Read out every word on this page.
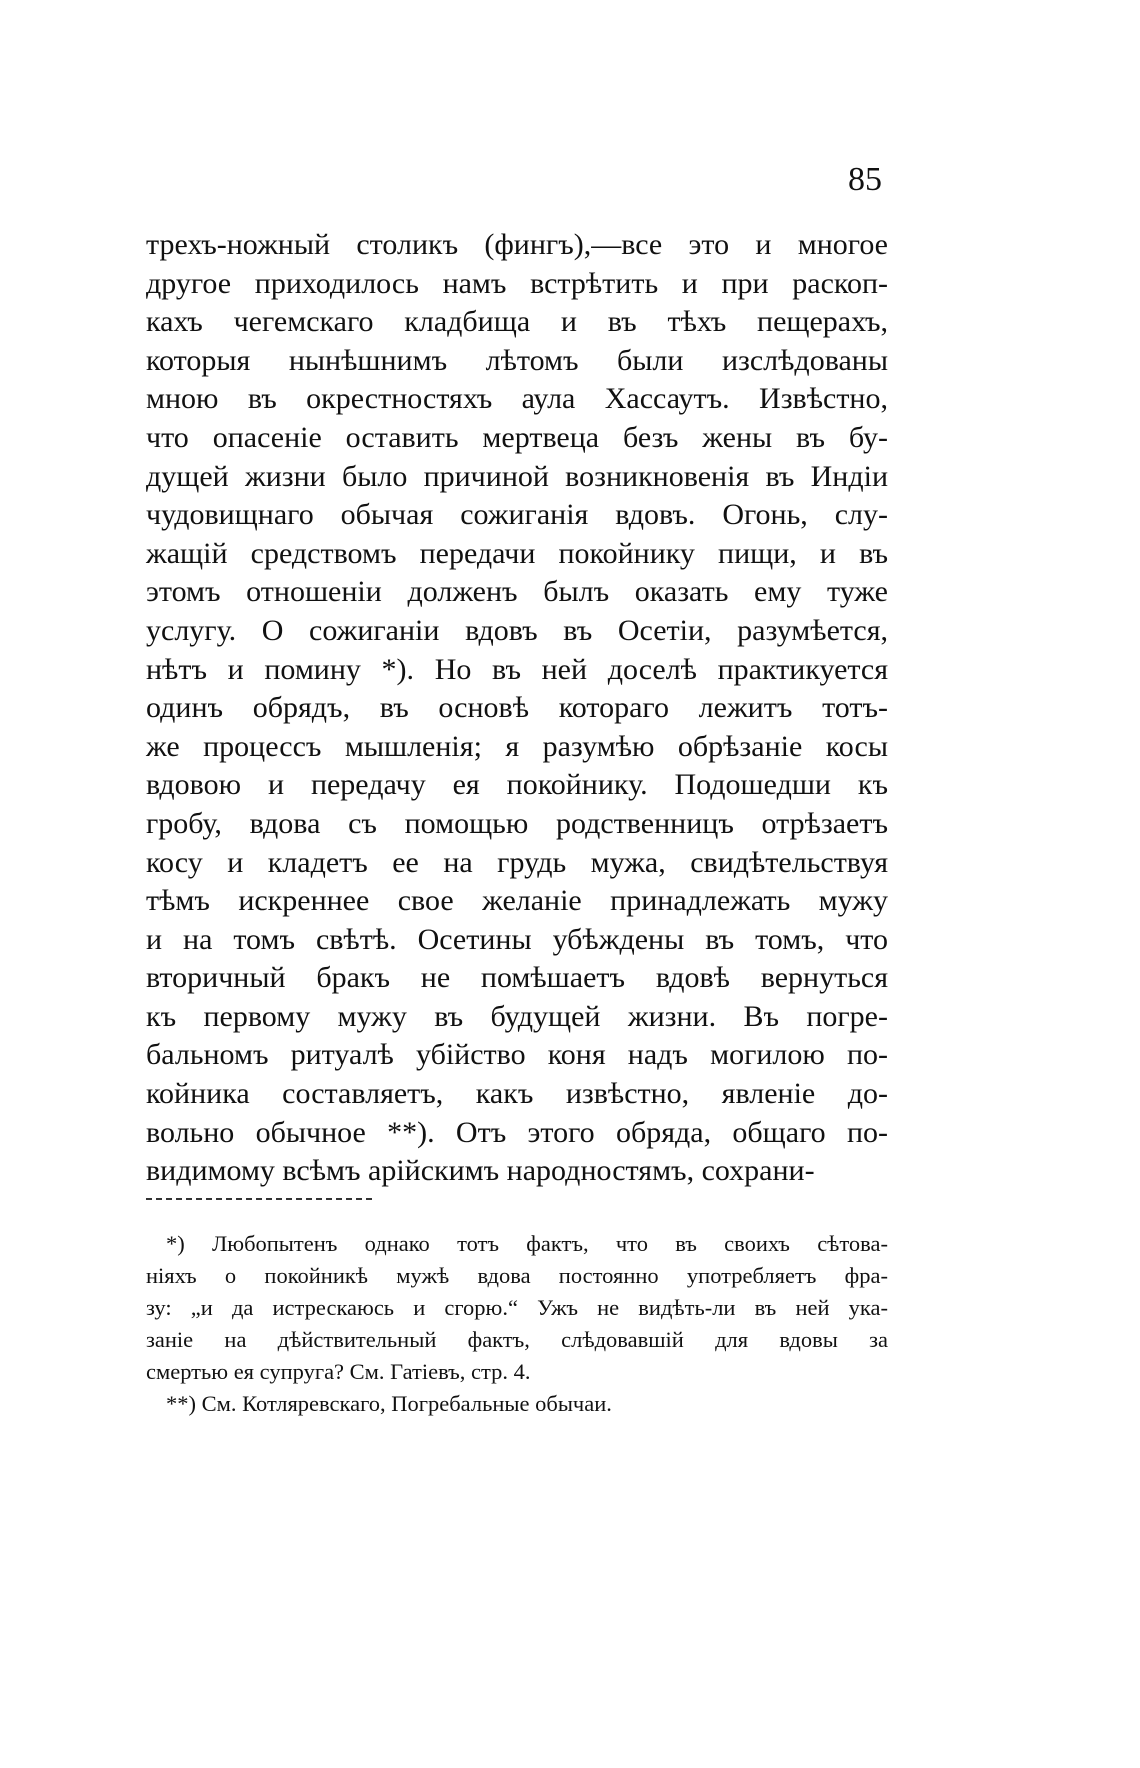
85
трехъ-ножный столикъ (фингъ),—все это и многое
другое приходилось намъ встрѣтить и при раскоп-
кахъ чегемскаго кладбища и въ тѣхъ пещерахъ,
которыя нынѣшнимъ лѣтомъ были изслѣдованы
мною въ окрестностяхъ аула Хассаутъ. Извѣстно,
что опасеніе оставить мертвеца безъ жены въ бу-
дущей жизни было причиной возникновенія въ Индіи
чудовищнаго обычая сожиганія вдовъ. Огонь, слу-
жащій средствомъ передачи покойнику пищи, и въ
этомъ отношеніи долженъ былъ оказать ему туже
услугу. О сожиганіи вдовъ въ Осетіи, разумѣется,
нѣтъ и помину *). Но въ ней доселѣ практикуется
одинъ обрядъ, въ основѣ котораго лежитъ тотъ-
же процессъ мышленія; я разумѣю обрѣзаніе косы
вдовою и передачу ея покойнику. Подошедши къ
гробу, вдова съ помощью родственницъ отрѣзаетъ
косу и кладетъ ее на грудь мужа, свидѣтельствуя
тѣмъ искреннее свое желаніе принадлежать мужу
и на томъ свѣтѣ. Осетины убѣждены въ томъ, что
вторичный бракъ не помѣшаетъ вдовѣ вернуться
къ первому мужу въ будущей жизни. Въ погре-
бальномъ ритуалѣ убійство коня надъ могилою по-
койника составляетъ, какъ извѣстно, явленіе до-
вольно обычное **). Отъ этого обряда, общаго по-
видимому всѣмъ арійскимъ народностямъ, сохрани-
*) Любопытенъ однако тотъ фактъ, что въ своихъ сѣтова-
ніяхъ о покойникѣ мужѣ вдова постоянно употребляетъ фра-
зу: „и да истрескаюсь и сгорю.“ Ужъ не видѣть-ли въ ней ука-
заніе на дѣйствительный фактъ, слѣдовавшій для вдовы за
смертью ея супруга? См. Гатіевъ, стр. 4.
**) См. Котляревскаго, Погребальные обычаи.
